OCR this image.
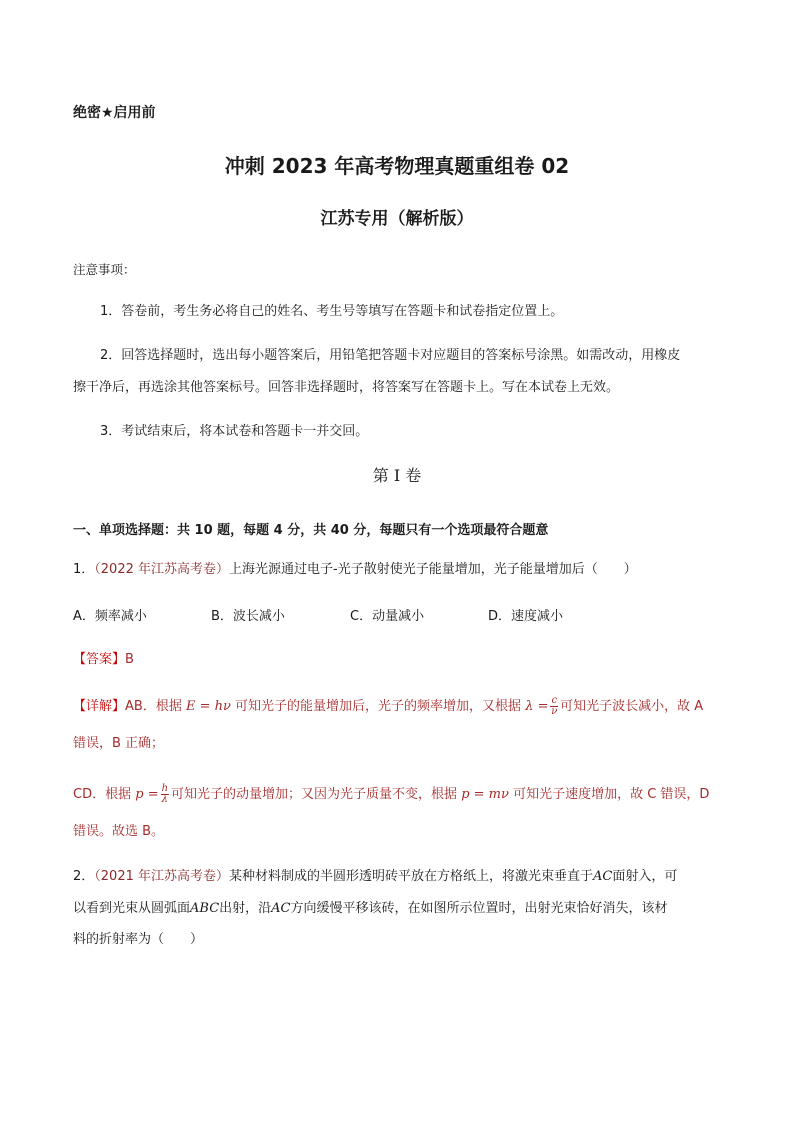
绝密★启用前
冲刺 2023 年高考物理真题重组卷 02
江苏专用（解析版）
注意事项：
1．答卷前，考生务必将自己的姓名、考生号等填写在答题卡和试卷指定位置上。
2．回答选择题时，选出每小题答案后，用铅笔把答题卡对应题目的答案标号涂黑。如需改动，用橡皮
擦干净后，再选涂其他答案标号。回答非选择题时，将答案写在答题卡上。写在本试卷上无效。
3．考试结束后，将本试卷和答题卡一并交回。
第 I 卷
一、单项选择题：共 10 题，每题 4 分，共 40 分，每题只有一个选项最符合题意
1．（2022 年江苏高考卷）上海光源通过电子-光子散射使光子能量增加，光子能量增加后（　　）
A．频率减小	B．波长减小	C．动量减小	D．速度减小
【答案】B
【详解】AB．根据 E = hν 可知光子的能量增加后，光子的频率增加，又根据 $\lambda = \frac{c}{\nu}$ 可知光子波长减小，故 A
错误，B 正确；
CD．根据 $p = \frac{h}{\lambda}$ 可知光子的动量增加；又因为光子质量不变，根据 p = mν 可知光子速度增加，故 C 错误，D
错误。故选 B。
2．（2021 年江苏高考卷）某种材料制成的半圆形透明砖平放在方格纸上，将激光束垂直于AC面射入，可
以看到光束从圆弧面ABC出射，沿AC方向缓慢平移该砖，在如图所示位置时，出射光束恰好消失，该材
料的折射率为（　　）
